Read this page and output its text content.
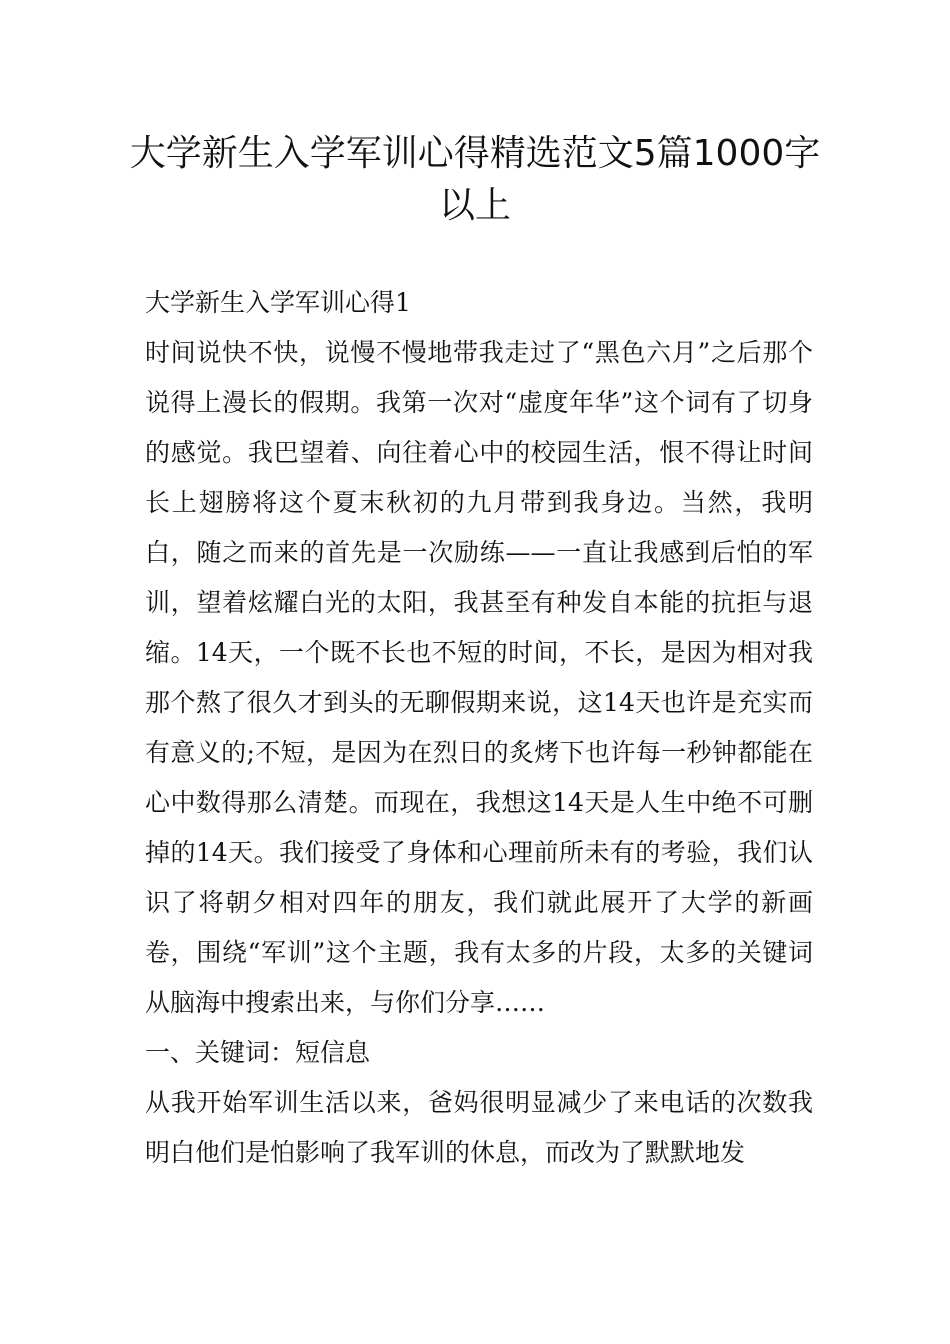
大学新生入学军训心得精选范文5篇1000字以上

大学新生入学军训心得1

时间说快不快，说慢不慢地带我走过了“黑色六月”之后那个说得上漫长的假期。我第一次对“虚度年华”这个词有了切身的感觉。我巴望着、向往着心中的校园生活，恨不得让时间长上翅膀将这个夏末秋初的九月带到我身边。当然，我明白，随之而来的首先是一次励练——一直让我感到后怕的军训，望着炫耀白光的太阳，我甚至有种发自本能的抗拒与退缩。14天，一个既不长也不短的时间，不长，是因为相对我那个熬了很久才到头的无聊假期来说，这14天也许是充实而有意义的;不短，是因为在烈日的炙烤下也许每一秒钟都能在心中数得那么清楚。而现在，我想这14天是人生中绝不可删掉的14天。我们接受了身体和心理前所未有的考验，我们认识了将朝夕相对四年的朋友，我们就此展开了大学的新画卷，围绕“军训”这个主题，我有太多的片段，太多的关键词从脑海中搜索出来，与你们分享……

一、关键词：短信息

从我开始军训生活以来，爸妈很明显减少了来电话的次数我明白他们是怕影响了我军训的休息，而改为了默默地发
